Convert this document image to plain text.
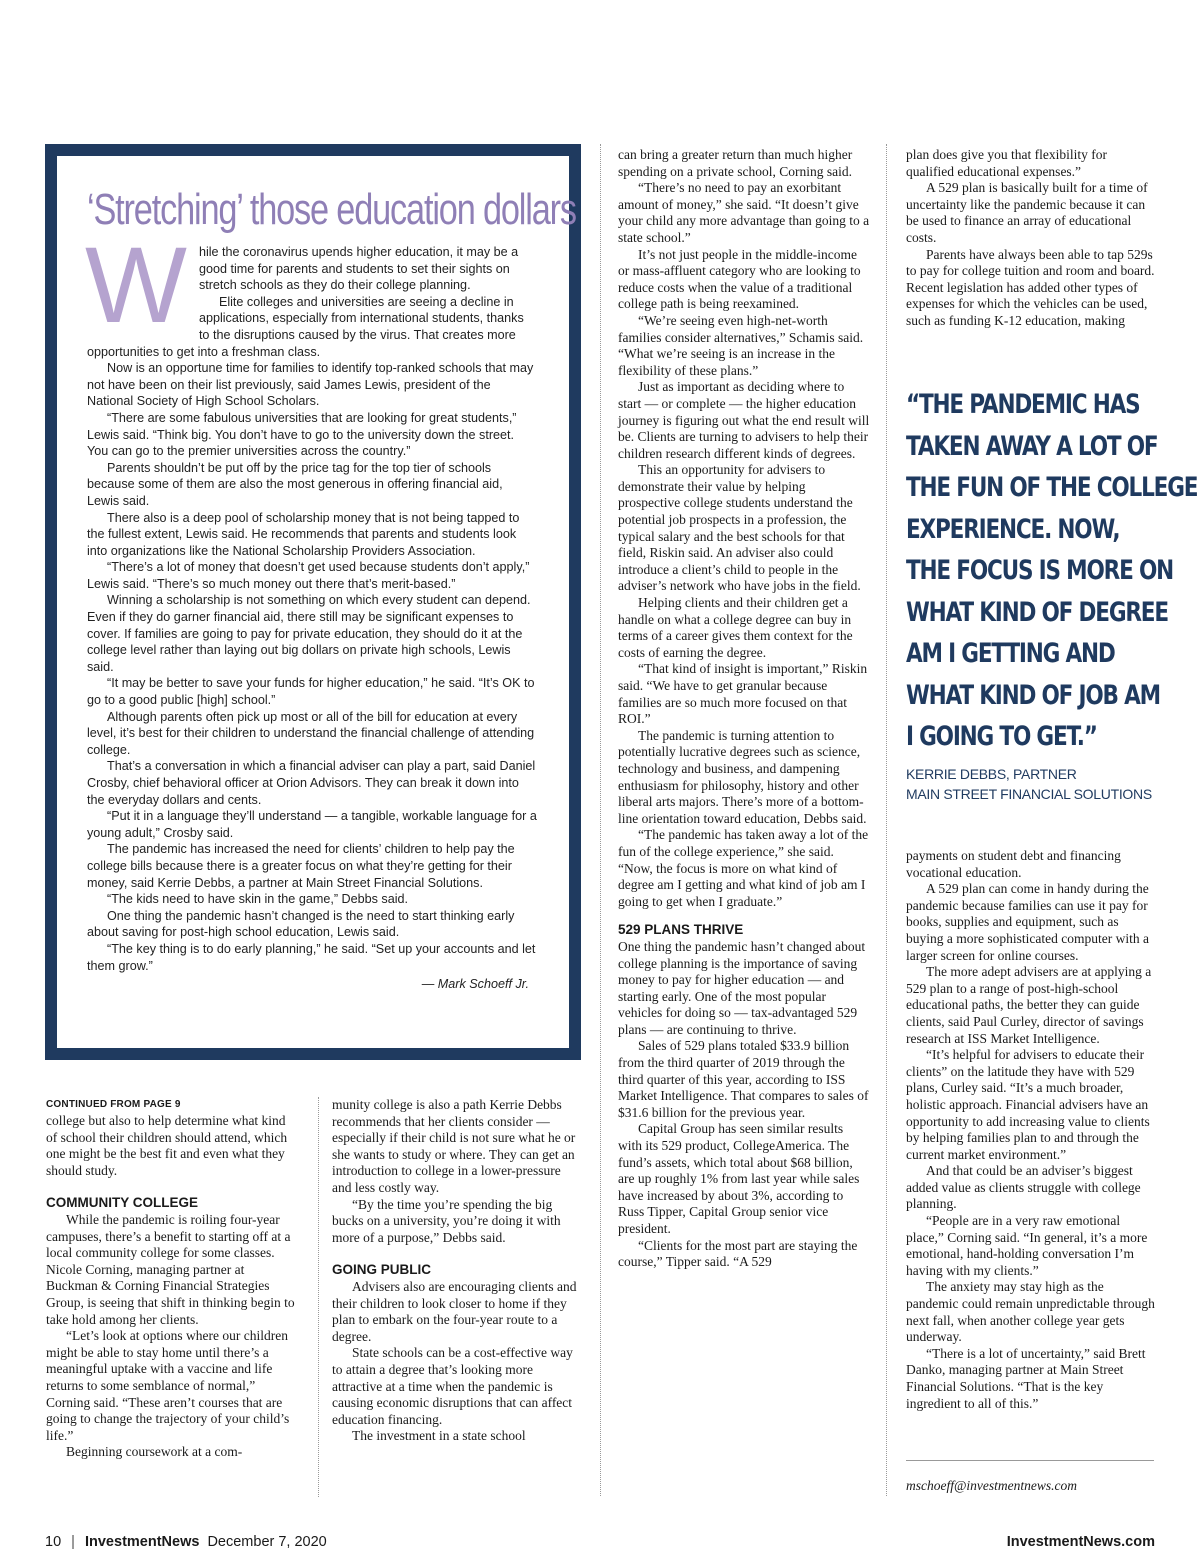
‘Stretching’ those education dollars
W hile the coronavirus upends higher education, it may be a good time for parents and students to set their sights on stretch schools as they do their college planning.

Elite colleges and universities are seeing a decline in applications, especially from international students, thanks to the disruptions caused by the virus. That creates more opportunities to get into a freshman class.

Now is an opportune time for families to identify top-ranked schools that may not have been on their list previously, said James Lewis, president of the National Society of High School Scholars.

“There are some fabulous universities that are looking for great students,” Lewis said. “Think big. You don’t have to go to the university down the street. You can go to the premier universities across the country.”

Parents shouldn’t be put off by the price tag for the top tier of schools because some of them are also the most generous in offering financial aid, Lewis said.

There also is a deep pool of scholarship money that is not being tapped to the fullest extent, Lewis said. He recommends that parents and students look into organizations like the National Scholarship Providers Association.

“There’s a lot of money that doesn’t get used because students don’t apply,” Lewis said. “There’s so much money out there that’s merit-based.”

Winning a scholarship is not something on which every student can depend. Even if they do garner financial aid, there still may be significant expenses to cover. If families are going to pay for private education, they should do it at the college level rather than laying out big dollars on private high schools, Lewis said.

“It may be better to save your funds for higher education,” he said. “It’s OK to go to a good public [high] school.”

Although parents often pick up most or all of the bill for education at every level, it’s best for their children to understand the financial challenge of attending college.

That’s a conversation in which a financial adviser can play a part, said Daniel Crosby, chief behavioral officer at Orion Advisors. They can break it down into the everyday dollars and cents.

“Put it in a language they’ll understand — a tangible, workable language for a young adult,” Crosby said.

The pandemic has increased the need for clients’ children to help pay the college bills because there is a greater focus on what they’re getting for their money, said Kerrie Debbs, a partner at Main Street Financial Solutions.

“The kids need to have skin in the game,” Debbs said.

One thing the pandemic hasn’t changed is the need to start thinking early about saving for post-high school education, Lewis said.

“The key thing is to do early planning,” he said. “Set up your accounts and let them grow.”

— Mark Schoeff Jr.
CONTINUED FROM PAGE 9

college but also to help determine what kind of school their children should attend, which one might be the best fit and even what they should study.

COMMUNITY COLLEGE

While the pandemic is roiling four-year campuses, there’s a benefit to starting off at a local community college for some classes. Nicole Corning, managing partner at Buckman & Corning Financial Strategies Group, is seeing that shift in thinking begin to take hold among her clients.

“Let’s look at options where our children might be able to stay home until there’s a meaningful uptake with a vaccine and life returns to some semblance of normal,” Corning said. “These aren’t courses that are going to change the trajectory of your child’s life.”

Beginning coursework at a com-

munity college is also a path Kerrie Debbs recommends that her clients consider — especially if their child is not sure what he or she wants to study or where. They can get an introduction to college in a lower-pressure and less costly way.

“By the time you’re spending the big bucks on a university, you’re doing it with more of a purpose,” Debbs said.

GOING PUBLIC

Advisers also are encouraging clients and their children to look closer to home if they plan to embark on the four-year route to a degree.

State schools can be a cost-effective way to attain a degree that’s looking more attractive at a time when the pandemic is causing economic disruptions that can affect education financing.

The investment in a state school

can bring a greater return than much higher spending on a private school, Corning said.

“There’s no need to pay an exorbitant amount of money,” she said. “It doesn’t give your child any more advantage than going to a state school.”

It’s not just people in the middle-income or mass-affluent category who are looking to reduce costs when the value of a traditional college path is being reexamined.

“We’re seeing even high-net-worth families consider alternatives,” Schamis said. “What we’re seeing is an increase in the flexibility of these plans.”

Just as important as deciding where to start — or complete — the higher education journey is figuring out what the end result will be. Clients are turning to advisers to help their children research different kinds of degrees.

This an opportunity for advisers to demonstrate their value by helping prospective college students understand the potential job prospects in a profession, the typical salary and the best schools for that field, Riskin said. An adviser also could introduce a client’s child to people in the adviser’s network who have jobs in the field.

Helping clients and their children get a handle on what a college degree can buy in terms of a career gives them context for the costs of earning the degree.

“That kind of insight is important,” Riskin said. “We have to get granular because families are so much more focused on that ROI.”

The pandemic is turning attention to potentially lucrative degrees such as science, technology and business, and dampening enthusiasm for philosophy, history and other liberal arts majors. There’s more of a bottom-line orientation toward education, Debbs said.

“The pandemic has taken away a lot of the fun of the college experience,” she said. “Now, the focus is more on what kind of degree am I getting and what kind of job am I going to get when I graduate.”

529 PLANS THRIVE

One thing the pandemic hasn’t changed about college planning is the importance of saving money to pay for higher education — and starting early. One of the most popular vehicles for doing so — tax-advantaged 529 plans — are continuing to thrive.

Sales of 529 plans totaled $33.9 billion from the third quarter of 2019 through the third quarter of this year, according to ISS Market Intelligence. That compares to sales of $31.6 billion for the previous year.

Capital Group has seen similar results with its 529 product, CollegeAmerica. The fund’s assets, which total about $68 billion, are up roughly 1% from last year while sales have increased by about 3%, according to Russ Tipper, Capital Group senior vice president.

“Clients for the most part are staying the course,” Tipper said. “A 529

plan does give you that flexibility for qualified educational expenses.”

A 529 plan is basically built for a time of uncertainty like the pandemic because it can be used to finance an array of educational costs.

Parents have always been able to tap 529s to pay for college tuition and room and board. Recent legislation has added other types of expenses for which the vehicles can be used, such as funding K-12 education, making

“THE PANDEMIC HAS
TAKEN AWAY A LOT OF
THE FUN OF THE COLLEGE
EXPERIENCE. NOW,
THE FOCUS IS MORE ON
WHAT KIND OF DEGREE
AM I GETTING AND
WHAT KIND OF JOB AM
I GOING TO GET.”
KERRIE DEBBS, PARTNER
MAIN STREET FINANCIAL SOLUTIONS

payments on student debt and financing vocational education.

A 529 plan can come in handy during the pandemic because families can use it pay for books, supplies and equipment, such as buying a more sophisticated computer with a larger screen for online courses.

The more adept advisers are at applying a 529 plan to a range of post-high-school educational paths, the better they can guide clients, said Paul Curley, director of savings research at ISS Market Intelligence.

“It’s helpful for advisers to educate their clients” on the latitude they have with 529 plans, Curley said. “It’s a much broader, holistic approach. Financial advisers have an opportunity to add increasing value to clients by helping families plan to and through the current market environment.”

And that could be an adviser’s biggest added value as clients struggle with college planning.

“People are in a very raw emotional place,” Corning said. “In general, it’s a more emotional, hand-holding conversation I’m having with my clients.”

The anxiety may stay high as the pandemic could remain unpredictable through next fall, when another college year gets underway.

“There is a lot of uncertainty,” said Brett Danko, managing partner at Main Street Financial Solutions. “That is the key ingredient to all of this.”

mschoeff@investmentnews.com
10 | InvestmentNews December 7, 2020	InvestmentNews.com
